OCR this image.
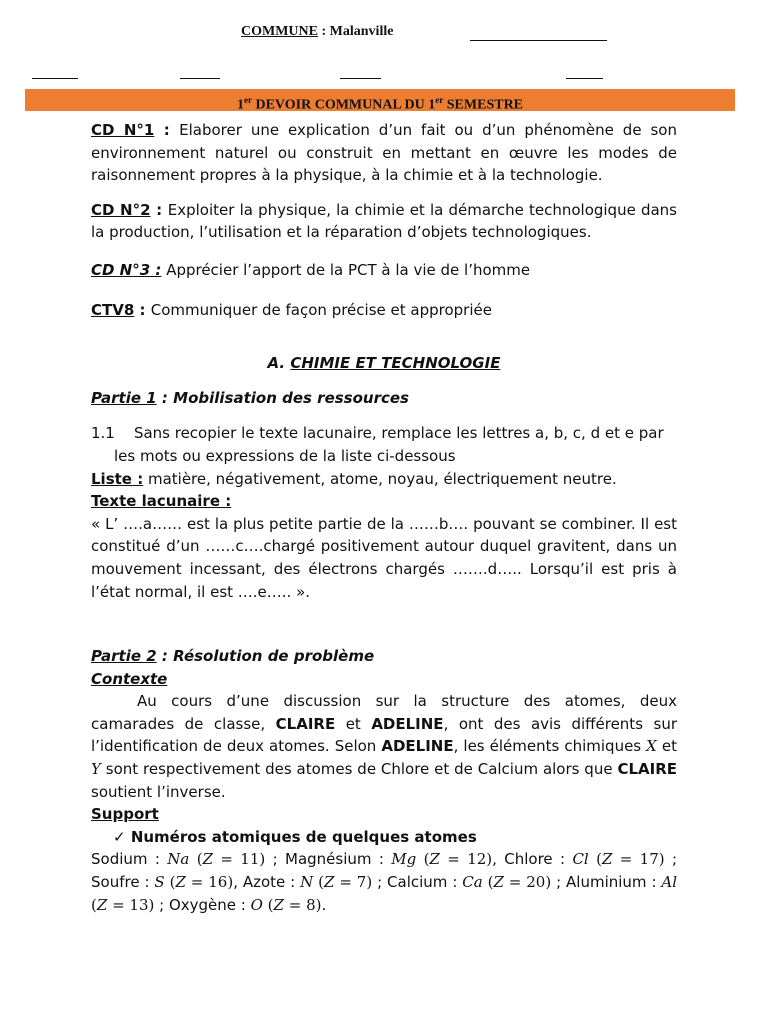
COMMUNE : Malanville
1er DEVOIR COMMUNAL DU 1er SEMESTRE

CD N°1 : Elaborer une explication d’un fait ou d’un phénomène de son environnement naturel ou construit en mettant en œuvre les modes de raisonnement propres à la physique, à la chimie et à la technologie.

CD N°2 : Exploiter la physique, la chimie et la démarche technologique dans la production, l’utilisation et la réparation d’objets technologiques.

CD N°3 : Apprécier l’apport de la PCT à la vie de l’homme

CTV8 : Communiquer de façon précise et appropriée

A. CHIMIE ET TECHNOLOGIE

Partie 1 : Mobilisation des ressources

1.1 Sans recopier le texte lacunaire, remplace les lettres a, b, c, d et e par les mots ou expressions de la liste ci-dessous

Liste : matière, négativement, atome, noyau, électriquement neutre.

Texte lacunaire :

« L’ ….a…… est la plus petite partie de la ……b…. pouvant se combiner. Il est constitué d’un ……c….chargé positivement autour duquel gravitent, dans un mouvement incessant, des électrons chargés …….d….. Lorsqu’il est pris à l’état normal, il est ….e….. ».

Partie 2 : Résolution de problème

Contexte

Au cours d’une discussion sur la structure des atomes, deux camarades de classe, CLAIRE et ADELINE, ont des avis différents sur l’identification de deux atomes. Selon ADELINE, les éléments chimiques X et Y sont respectivement des atomes de Chlore et de Calcium alors que CLAIRE soutient l’inverse.

Support

✓ Numéros atomiques de quelques atomes

Sodium : Na (Z = 11) ; Magnésium : Mg (Z = 12), Chlore : Cl (Z = 17) ; Soufre : S (Z = 16), Azote : N (Z = 7) ; Calcium : Ca (Z = 20) ; Aluminium : Al (Z = 13) ; Oxygène : O (Z = 8).
